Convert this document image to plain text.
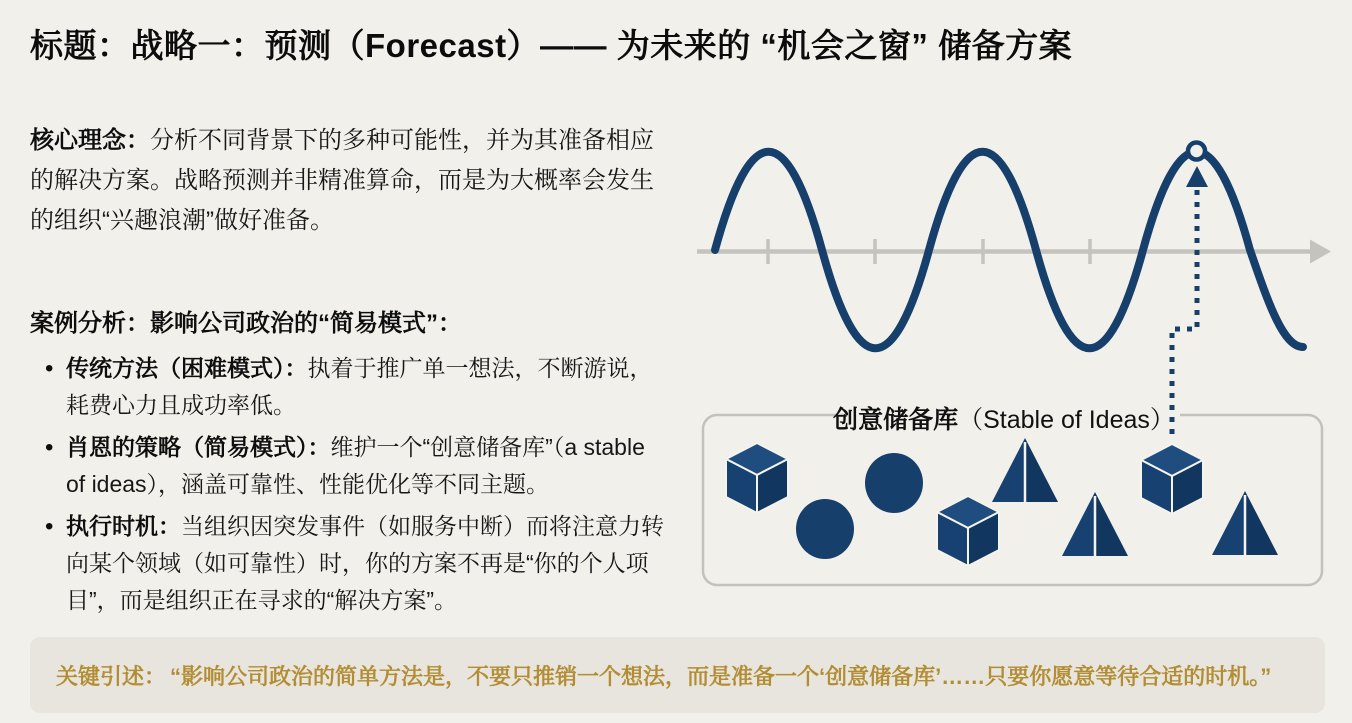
标题：战略一：预测（Forecast）—— 为未来的 “机会之窗” 储备方案
核心理念：分析不同背景下的多种可能性，并为其准备相应的解决方案。战略预测并非精准算命，而是为大概率会发生的组织“兴趣浪潮”做好准备。

案例分析：影响公司政治的“简易模式”：

• 传统方法（困难模式）：执着于推广单一想法，不断游说，耗费心力且成功率低。
• 肖恩的策略（简易模式）：维护一个“创意储备库”（a stable of ideas），涵盖可靠性、性能优化等不同主题。
• 执行时机：当组织因突发事件（如服务中断）而将注意力转向某个领域（如可靠性）时，你的方案不再是“你的个人项目”，而是组织正在寻求的“解决方案”。
创意储备库（Stable of Ideas）
关键引述： “影响公司政治的简单方法是，不要只推销一个想法，而是准备一个‘创意储备库’……只要你愿意等待合适的时机。”
